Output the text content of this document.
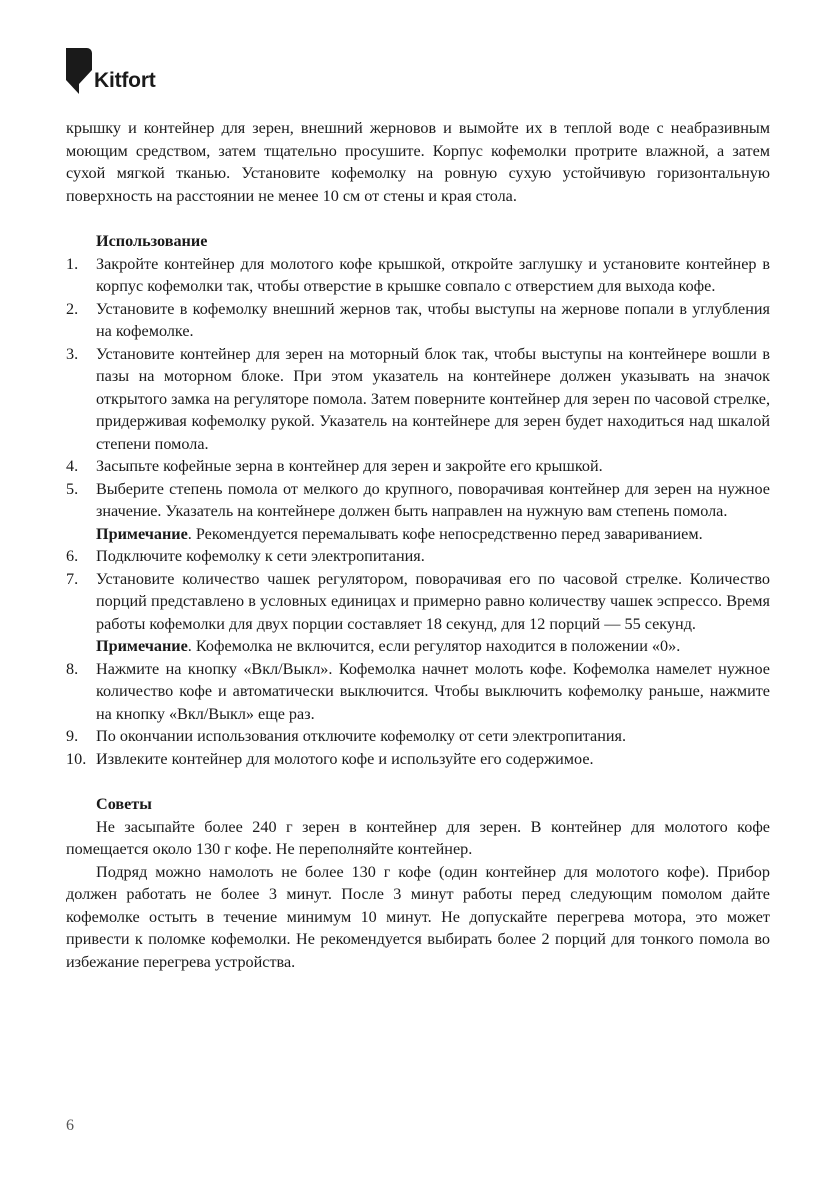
Kitfort

крышку и контейнер для зерен, внешний жерновов и вымойте их в теплой воде с неабразивным моющим средством, затем тщательно просушите. Корпус кофемолки протрите влажной, а затем сухой мягкой тканью. Установите кофемолку на ровную сухую устойчивую горизонтальную поверхность на расстоянии не менее 10 см от стены и края стола.

Использование

1. Закройте контейнер для молотого кофе крышкой, откройте заглушку и установите контейнер в корпус кофемолки так, чтобы отверстие в крышке совпало с отверстием для выхода кофе.
2. Установите в кофемолку внешний жернов так, чтобы выступы на жернове попали в углубления на кофемолке.
3. Установите контейнер для зерен на моторный блок так, чтобы выступы на контейнере вошли в пазы на моторном блоке. При этом указатель на контейнере должен указывать на значок открытого замка на регуляторе помола. Затем поверните контейнер для зерен по часовой стрелке, придерживая кофемолку рукой. Указатель на контейнере для зерен будет находиться над шкалой степени помола.
4. Засыпьте кофейные зерна в контейнер для зерен и закройте его крышкой.
5. Выберите степень помола от мелкого до крупного, поворачивая контейнер для зерен на нужное значение. Указатель на контейнере должен быть направлен на нужную вам степень помола.

Примечание. Рекомендуется перемалывать кофе непосредственно перед завариванием.

6. Подключите кофемолку к сети электропитания.
7. Установите количество чашек регулятором, поворачивая его по часовой стрелке. Количество порций представлено в условных единицах и примерно равно количеству чашек эспрессо. Время работы кофемолки для двух порции составляет 18 секунд, для 12 порций — 55 секунд.

Примечание. Кофемолка не включится, если регулятор находится в положении «0».

8. Нажмите на кнопку «Вкл/Выкл». Кофемолка начнет молоть кофе. Кофемолка намелет нужное количество кофе и автоматически выключится. Чтобы выключить кофемолку раньше, нажмите на кнопку «Вкл/Выкл» еще раз.
9. По окончании использования отключите кофемолку от сети электропитания.
10. Извлеките контейнер для молотого кофе и используйте его содержимое.

Советы

Не засыпайте более 240 г зерен в контейнер для зерен. В контейнер для молотого кофе помещается около 130 г кофе. Не переполняйте контейнер.

Подряд можно намолоть не более 130 г кофе (один контейнер для молотого кофе). Прибор должен работать не более 3 минут. После 3 минут работы перед следующим помолом дайте кофемолке остыть в течение минимум 10 минут. Не допускайте перегрева мотора, это может привести к поломке кофемолки. Не рекомендуется выбирать более 2 порций для тонкого помола во избежание перегрева устройства.

6
